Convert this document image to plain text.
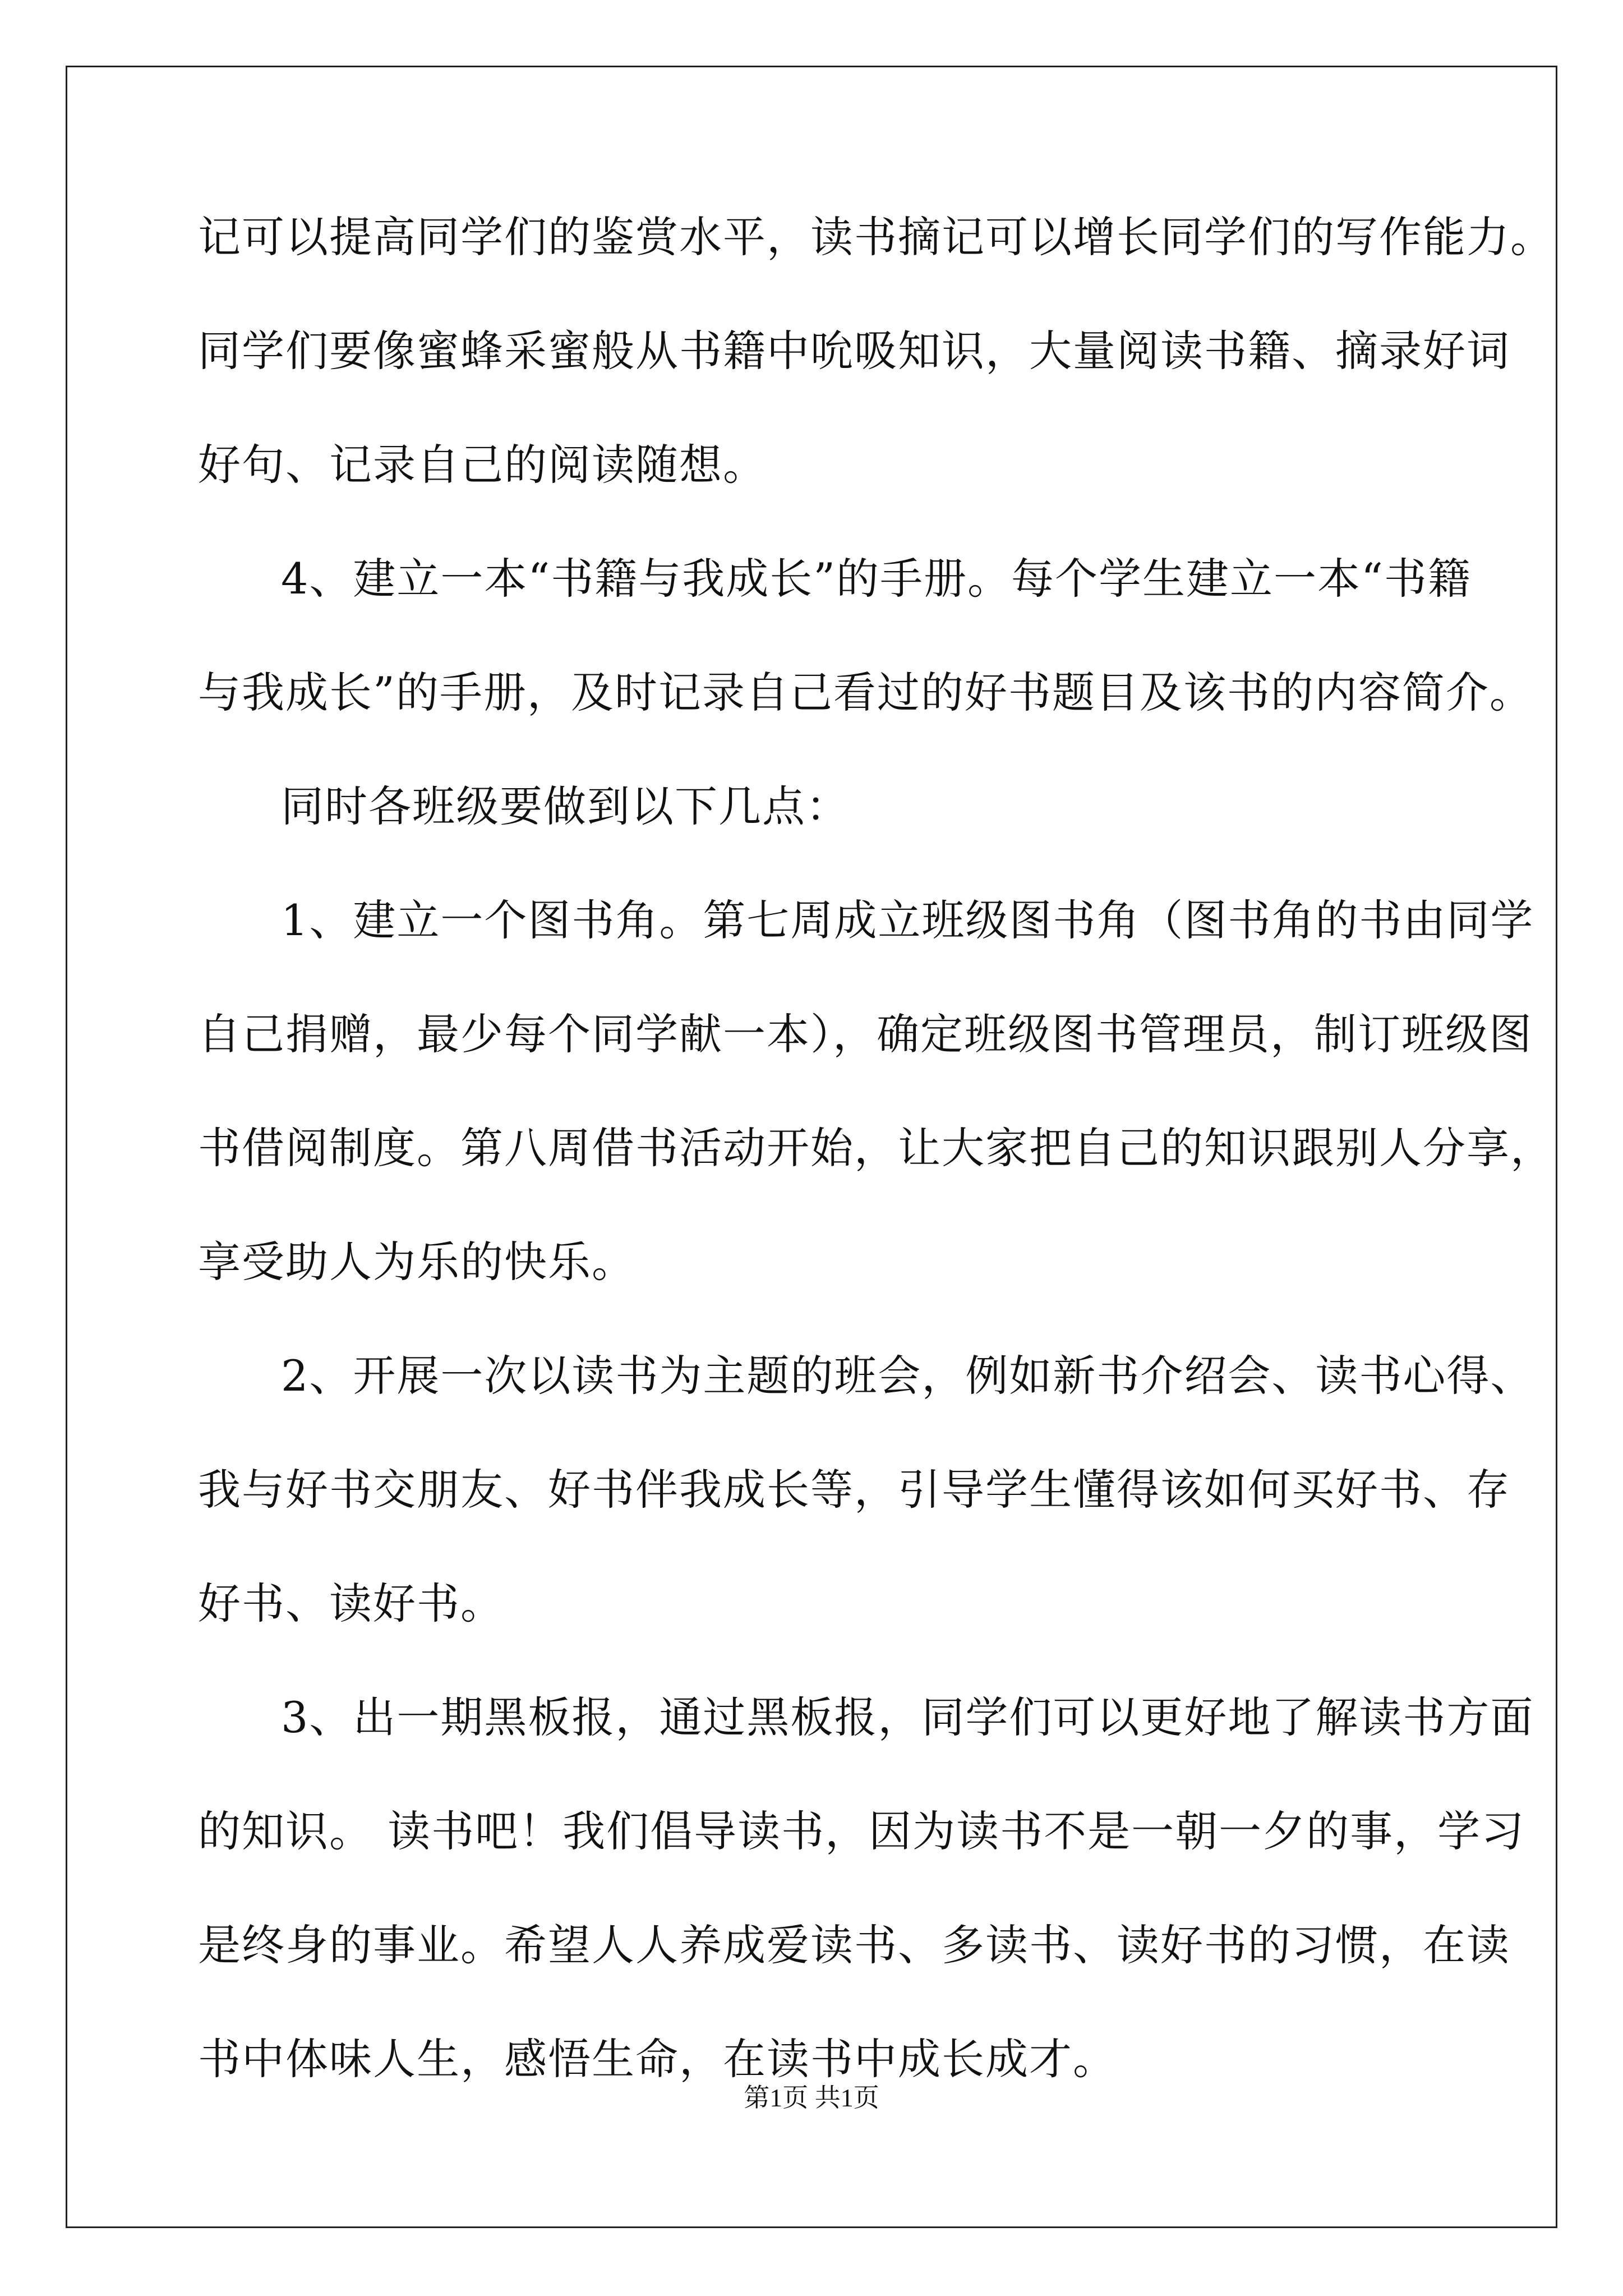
记可以提高同学们的鉴赏水平，读书摘记可以增长同学们的写作能力。
同学们要像蜜蜂采蜜般从书籍中吮吸知识，大量阅读书籍、摘录好词
好句、记录自己的阅读随想。
4、建立一本“书籍与我成长”的手册。每个学生建立一本“书籍
与我成长”的手册，及时记录自己看过的好书题目及该书的内容简介。
同时各班级要做到以下几点：
1、建立一个图书角。第七周成立班级图书角（图书角的书由同学
自己捐赠，最少每个同学献一本），确定班级图书管理员，制订班级图
书借阅制度。第八周借书活动开始，让大家把自己的知识跟别人分享，
享受助人为乐的快乐。
2、开展一次以读书为主题的班会，例如新书介绍会、读书心得、
我与好书交朋友、好书伴我成长等，引导学生懂得该如何买好书、存
好书、读好书。
3、出一期黑板报，通过黑板报，同学们可以更好地了解读书方面
的知识。 读书吧！我们倡导读书，因为读书不是一朝一夕的事，学习
是终身的事业。希望人人养成爱读书、多读书、读好书的习惯，在读
书中体味人生，感悟生命，在读书中成长成才。
第1页 共1页
